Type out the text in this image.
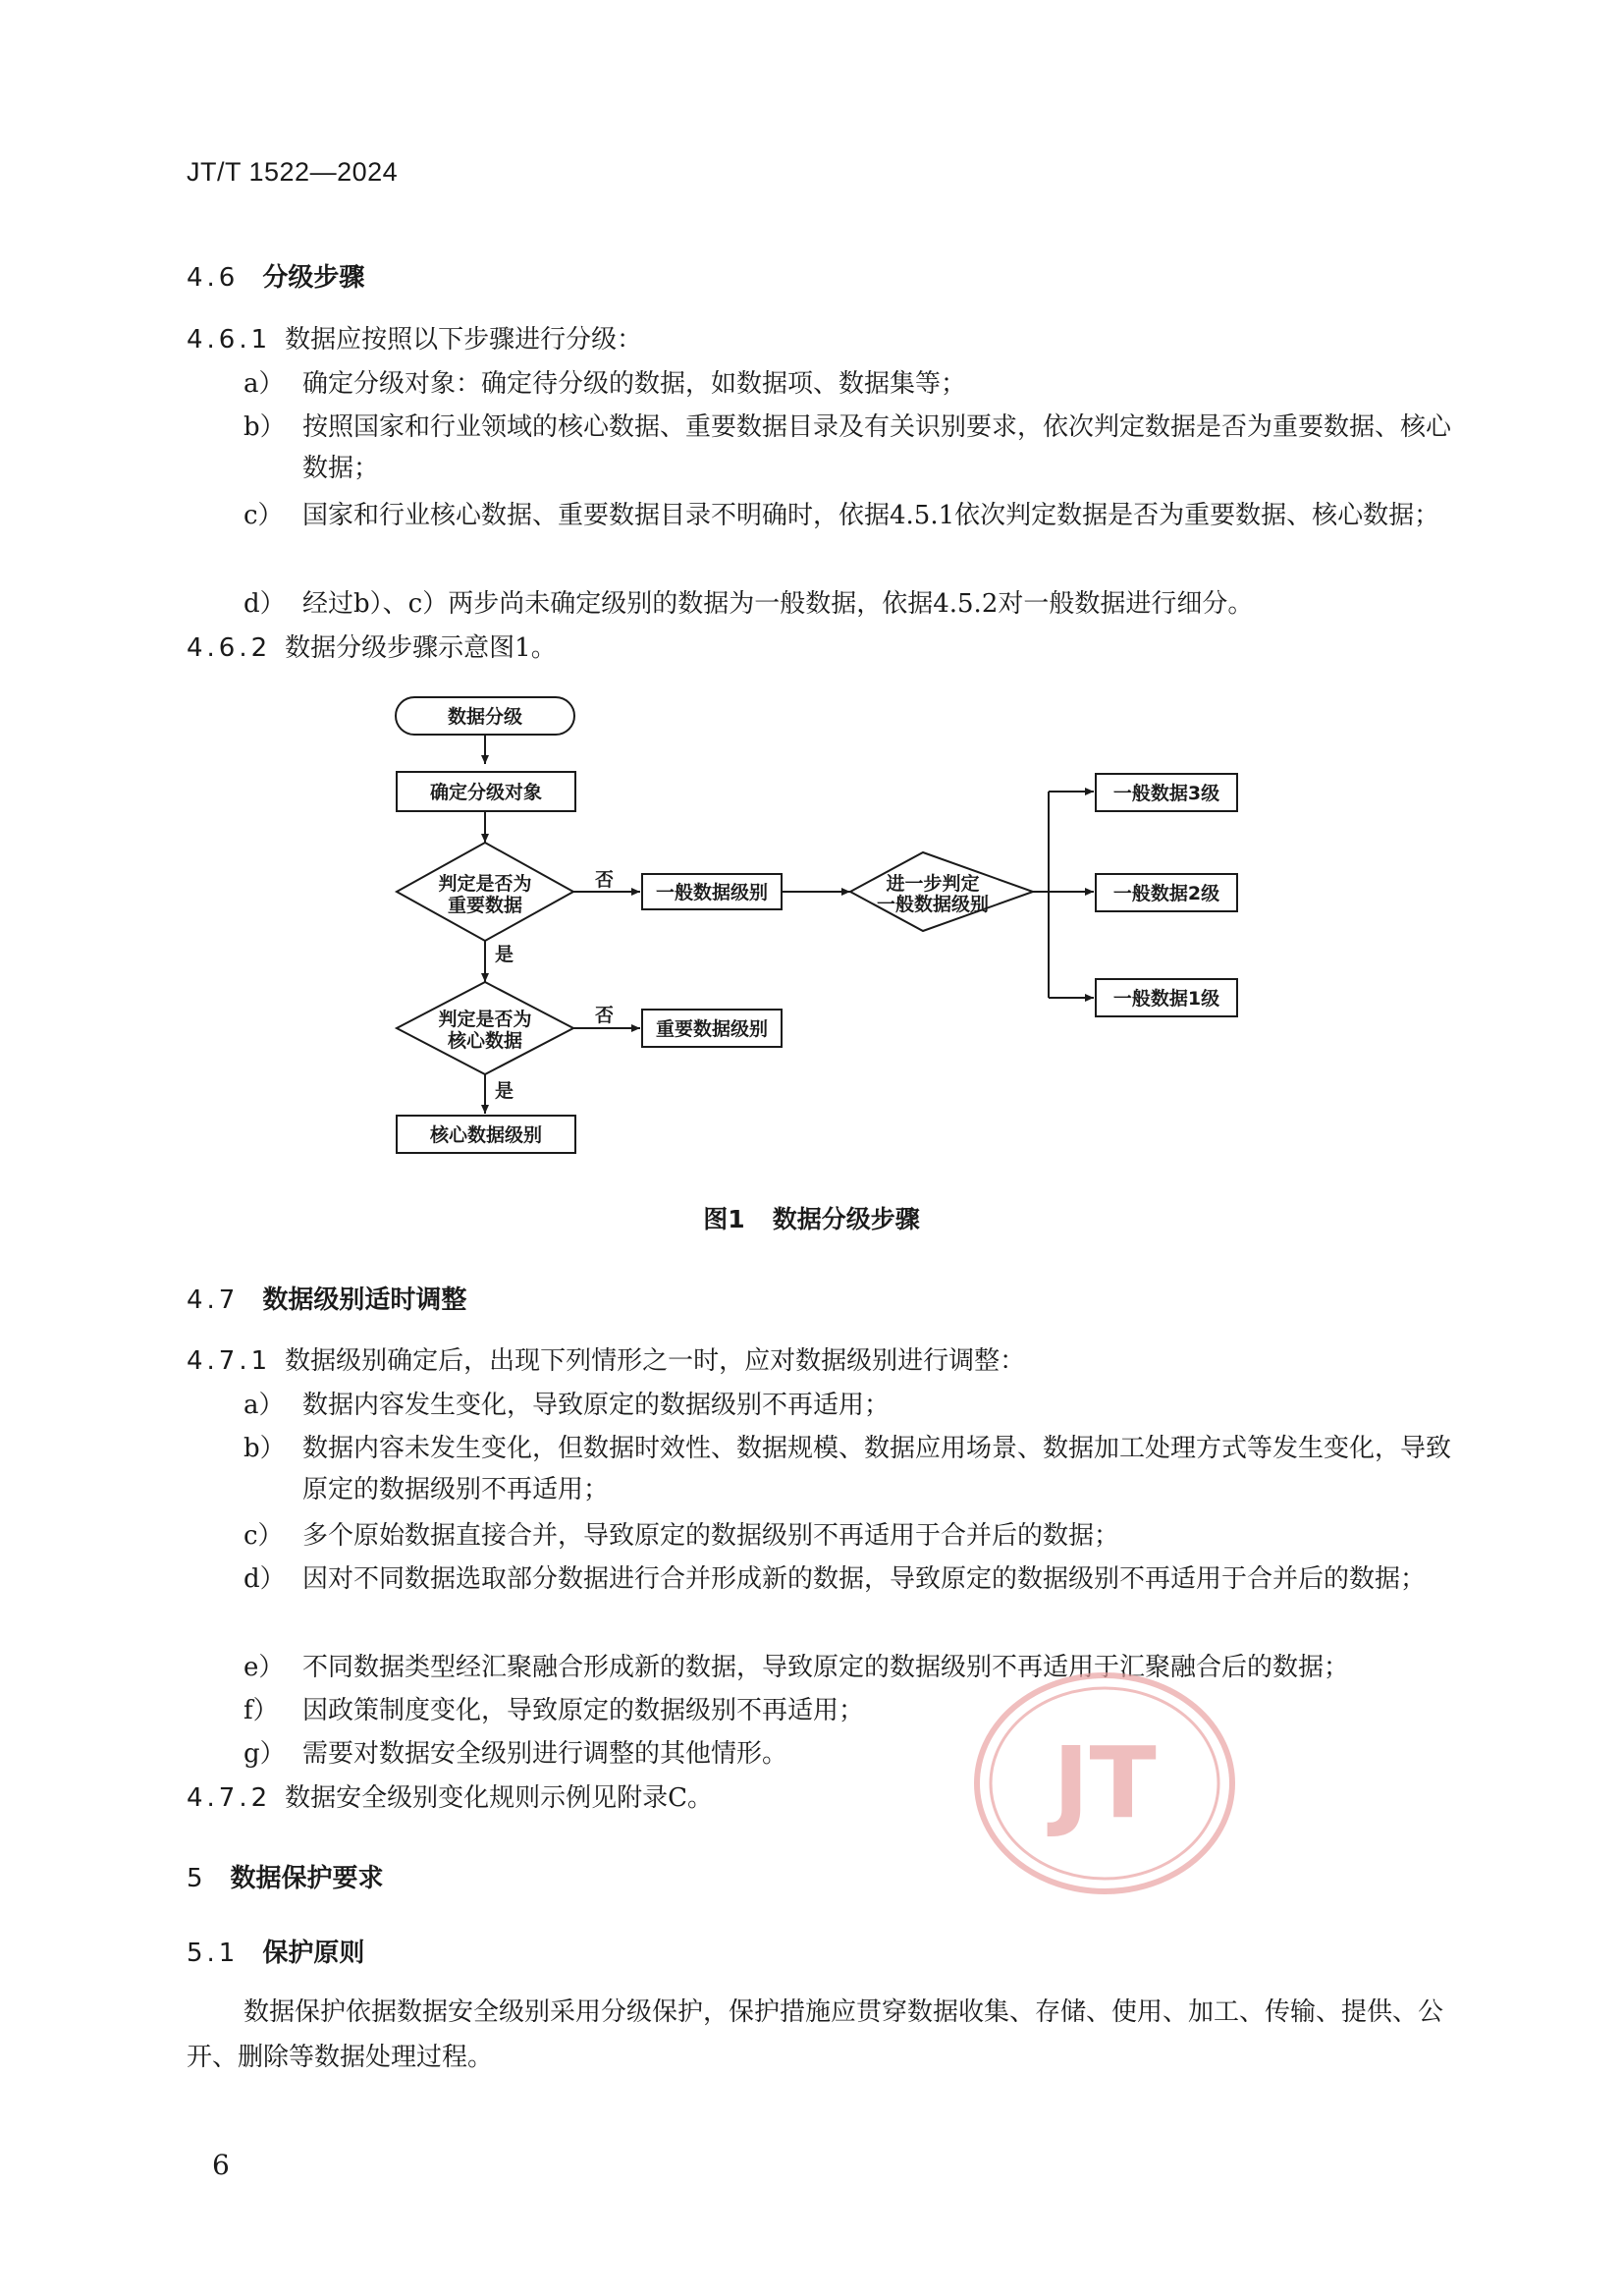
JT/T 1522—2024
4.6 分级步骤
4.6.1 数据应按照以下步骤进行分级：
a） 确定分级对象：确定待分级的数据，如数据项、数据集等；
b） 按照国家和行业领域的核心数据、重要数据目录及有关识别要求，依次判定数据是否为重要数据、核心数据；
c） 国家和行业核心数据、重要数据目录不明确时，依据4.5.1依次判定数据是否为重要数据、核心数据；
d） 经过b）、c）两步尚未确定级别的数据为一般数据，依据4.5.2对一般数据进行细分。
4.6.2 数据分级步骤示意图1。
数据分级
确定分级对象
判定是否为
重要数据
一般数据级别	进一步判定
一般数据级别
一般数据3级
一般数据2级
一般数据1级
判定是否为
核心数据
重要数据级别
核心数据级别
否
是
否
是
图1 数据分级步骤
4.7 数据级别适时调整
4.7.1 数据级别确定后，出现下列情形之一时，应对数据级别进行调整：
a） 数据内容发生变化，导致原定的数据级别不再适用；
b） 数据内容未发生变化，但数据时效性、数据规模、数据应用场景、数据加工处理方式等发生变化，导致原定的数据级别不再适用；
c） 多个原始数据直接合并，导致原定的数据级别不再适用于合并后的数据；
d） 因对不同数据选取部分数据进行合并形成新的数据，导致原定的数据级别不再适用于合并后的数据；
e） 不同数据类型经汇聚融合形成新的数据，导致原定的数据级别不再适用于汇聚融合后的数据；
f） 因政策制度变化，导致原定的数据级别不再适用；
g） 需要对数据安全级别进行调整的其他情形。
4.7.2 数据安全级别变化规则示例见附录C。
5 数据保护要求
5.1 保护原则
数据保护依据数据安全级别采用分级保护，保护措施应贯穿数据收集、存储、使用、加工、传输、提供、公开、删除等数据处理过程。
JT
6
